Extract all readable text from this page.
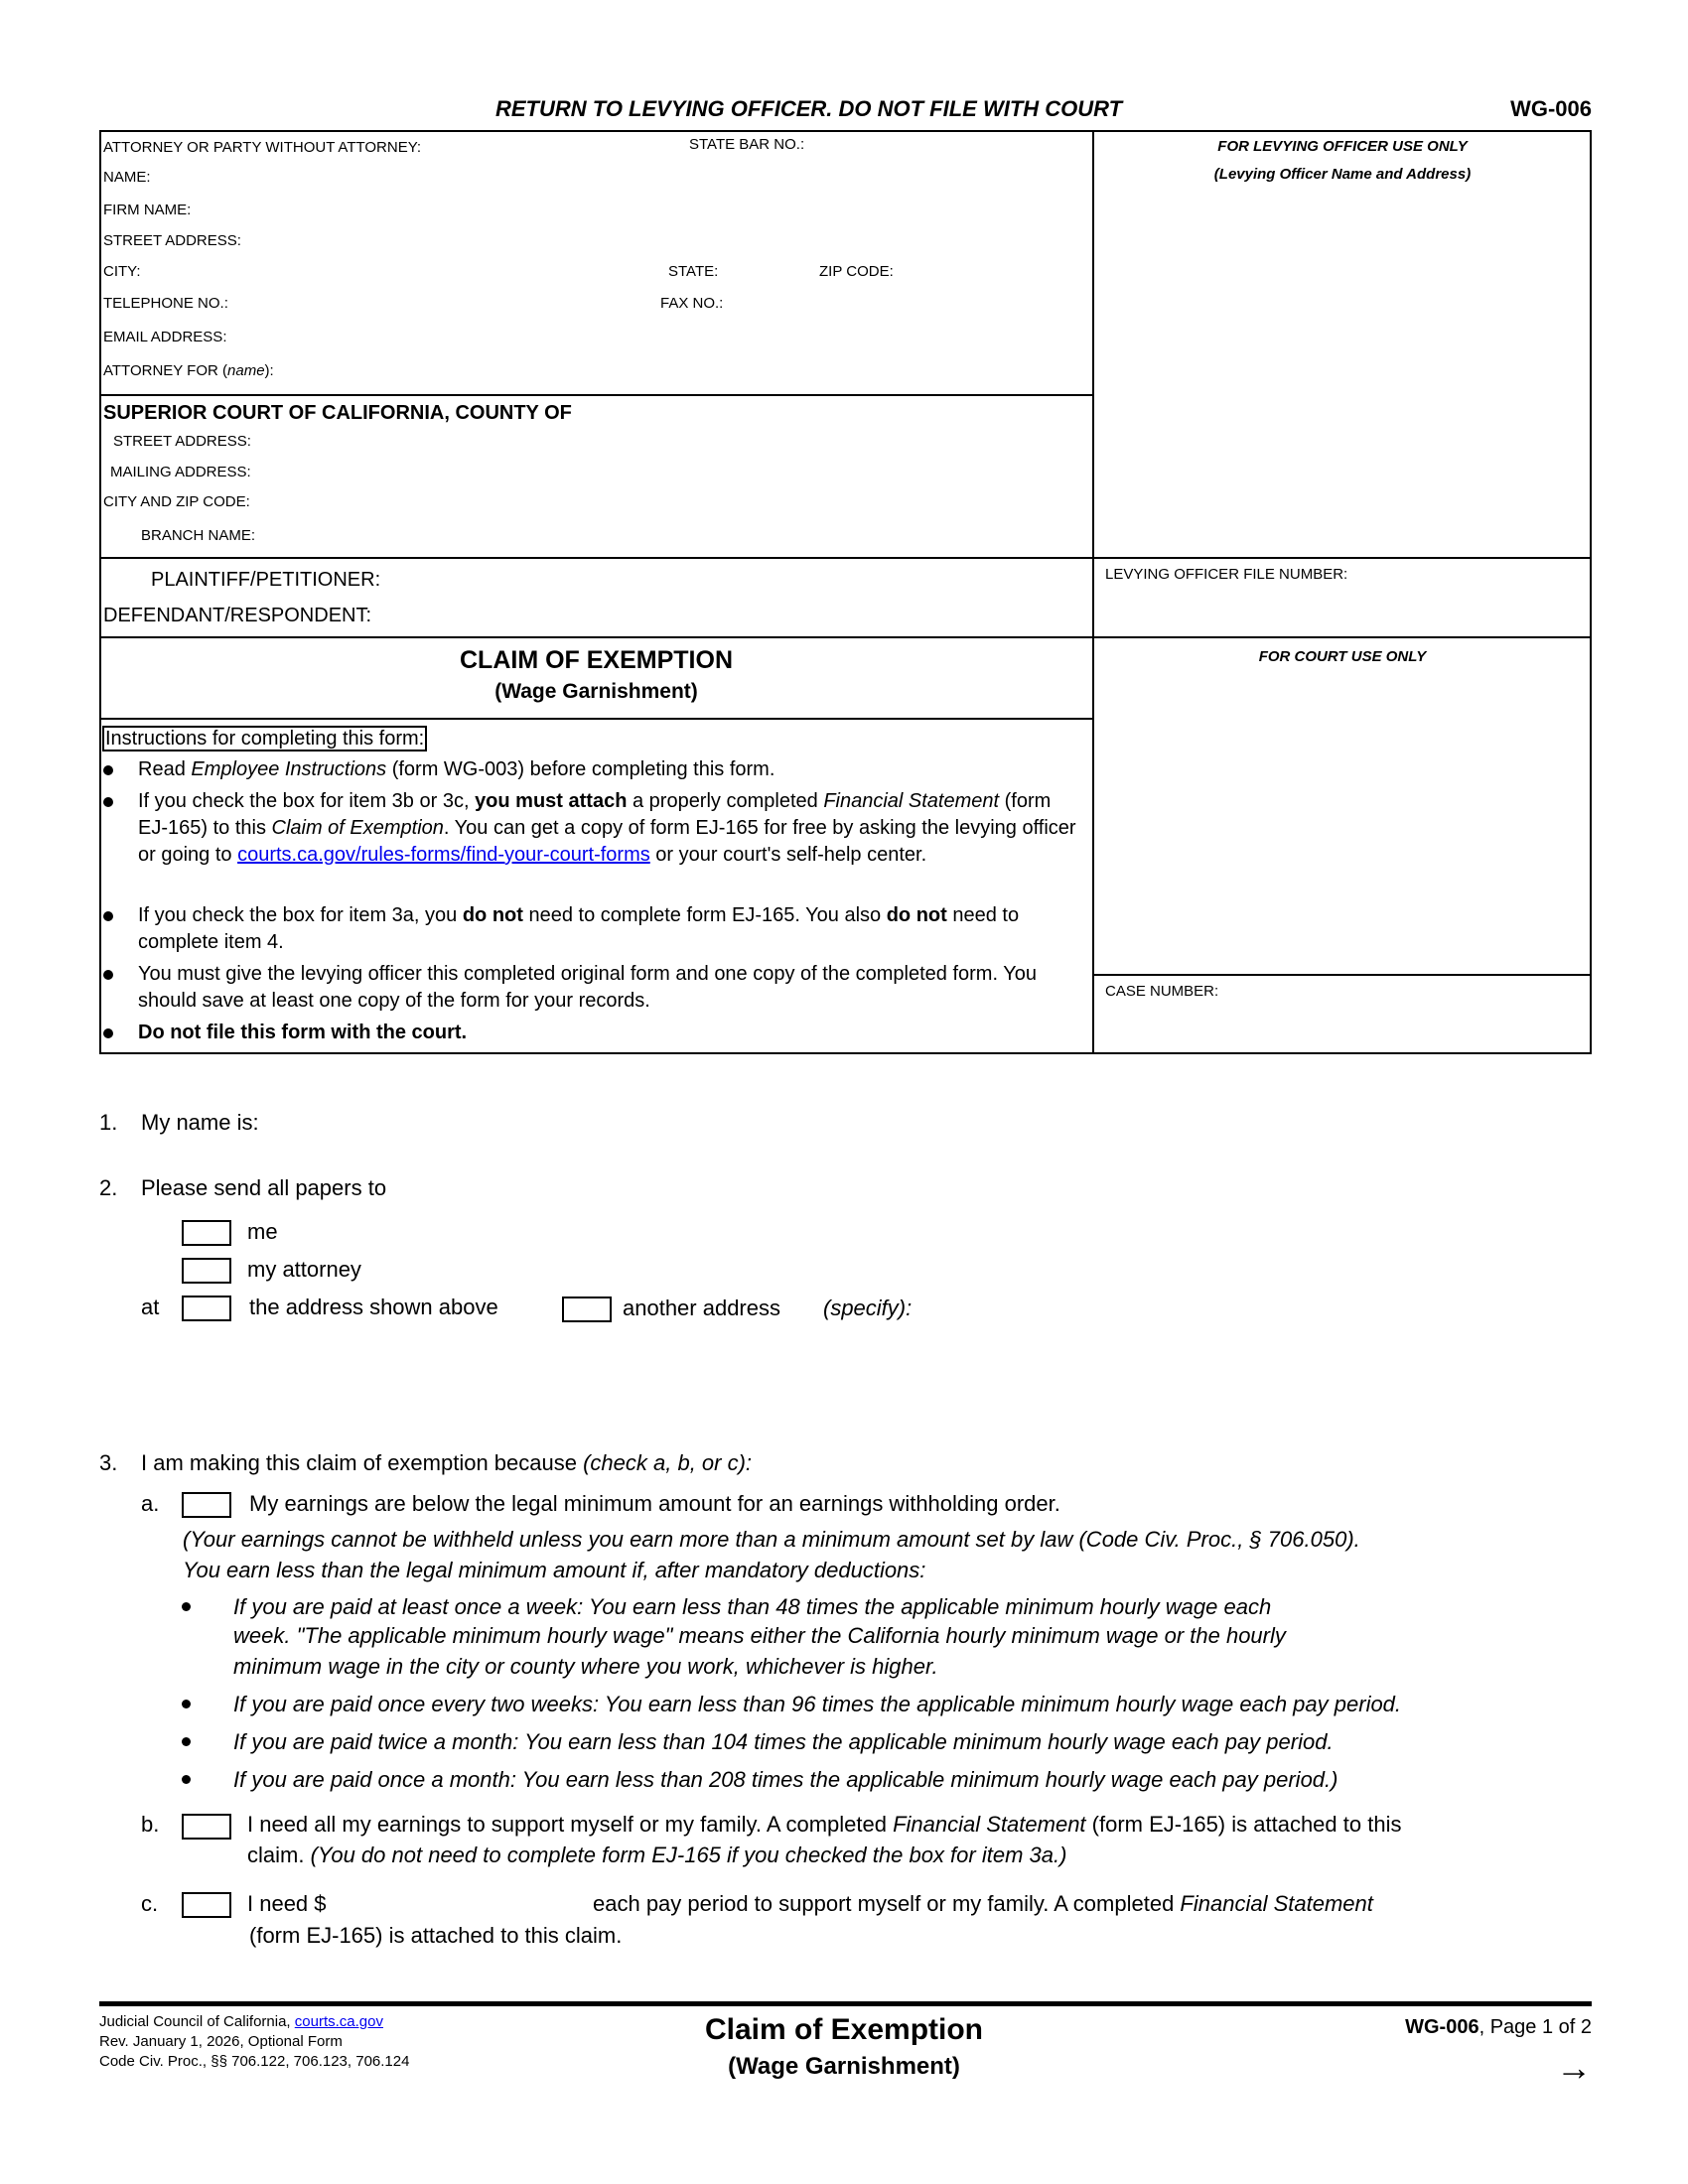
RETURN TO LEVYING OFFICER. DO NOT FILE WITH COURT	WG-006
ATTORNEY OR PARTY WITHOUT ATTORNEY:	STATE BAR NO.:
NAME:
FIRM NAME:
STREET ADDRESS:
CITY:	STATE:	ZIP CODE:
TELEPHONE NO.:	FAX NO.:
EMAIL ADDRESS:
ATTORNEY FOR (name):
FOR LEVYING OFFICER USE ONLY
(Levying Officer Name and Address)
SUPERIOR COURT OF CALIFORNIA, COUNTY OF
STREET ADDRESS:
MAILING ADDRESS:
CITY AND ZIP CODE:
BRANCH NAME:
PLAINTIFF/PETITIONER:
DEFENDANT/RESPONDENT:
LEVYING OFFICER FILE NUMBER:
CLAIM OF EXEMPTION
(Wage Garnishment)
FOR COURT USE ONLY
CASE NUMBER:
Instructions for completing this form:
Read Employee Instructions (form WG-003) before completing this form.
If you check the box for item 3b or 3c, you must attach a properly completed Financial Statement (form EJ-165) to this Claim of Exemption. You can get a copy of form EJ-165 for free by asking the levying officer or going to courts.ca.gov/rules-forms/find-your-court-forms or your court's self-help center.
If you check the box for item 3a, you do not need to complete form EJ-165. You also do not need to complete item 4.
You must give the levying officer this completed original form and one copy of the completed form. You should save at least one copy of the form for your records.
Do not file this form with the court.
1. My name is:
2. Please send all papers to
me
my attorney
at	the address shown above	another address (specify):
3. I am making this claim of exemption because (check a, b, or c):
a.	My earnings are below the legal minimum amount for an earnings withholding order.
(Your earnings cannot be withheld unless you earn more than a minimum amount set by law (Code Civ. Proc., § 706.050).
You earn less than the legal minimum amount if, after mandatory deductions:
If you are paid at least once a week: You earn less than 48 times the applicable minimum hourly wage each
week. "The applicable minimum hourly wage" means either the California hourly minimum wage or the hourly
minimum wage in the city or county where you work, whichever is higher.
If you are paid once every two weeks: You earn less than 96 times the applicable minimum hourly wage each pay period.
If you are paid twice a month: You earn less than 104 times the applicable minimum hourly wage each pay period.
If you are paid once a month: You earn less than 208 times the applicable minimum hourly wage each pay period.)
b.	I need all my earnings to support myself or my family. A completed Financial Statement (form EJ-165) is attached to this
claim. (You do not need to complete form EJ-165 if you checked the box for item 3a.)
c.	I need $	each pay period to support myself or my family. A completed Financial Statement
(form EJ-165) is attached to this claim.
Judicial Council of California, courts.ca.gov
Rev. January 1, 2026, Optional Form
Code Civ. Proc., §§ 706.122, 706.123, 706.124
Claim of Exemption
(Wage Garnishment)
WG-006, Page 1 of 2
→
